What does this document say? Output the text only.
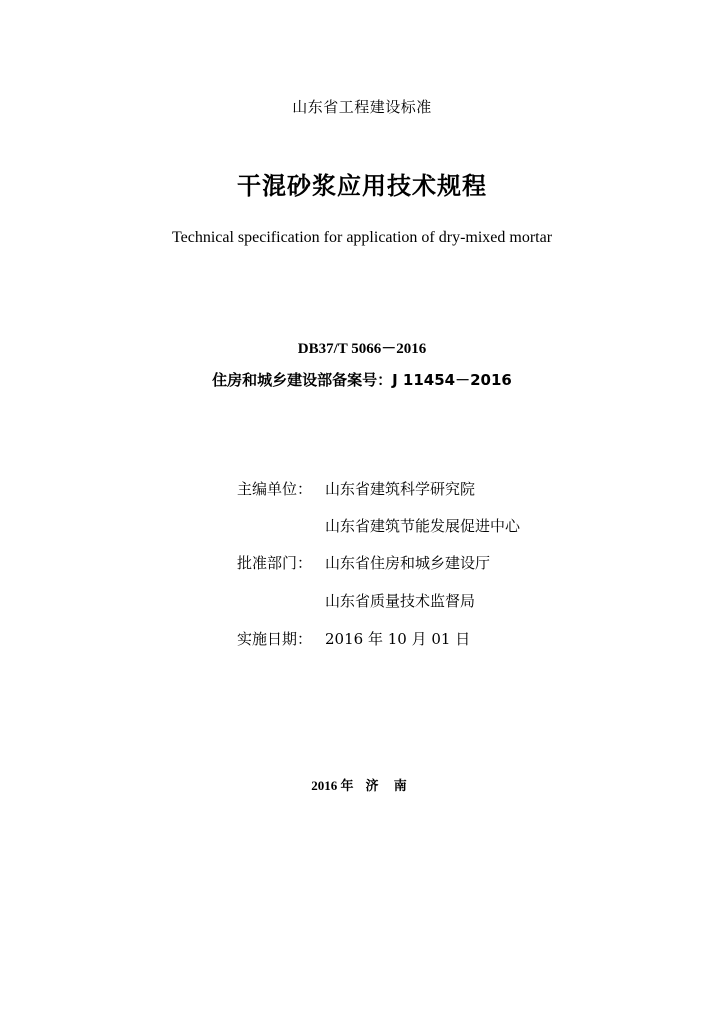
山东省工程建设标准
干混砂浆应用技术规程
Technical specification for application of dry-mixed mortar
DB37/T 5066－2016
住房和城乡建设部备案号：J 11454－2016
主编单位： 山东省建筑科学研究院
山东省建筑节能发展促进中心
批准部门： 山东省住房和城乡建设厅
山东省质量技术监督局
实施日期： 2016 年 10 月 01 日
2016 年 济 南
